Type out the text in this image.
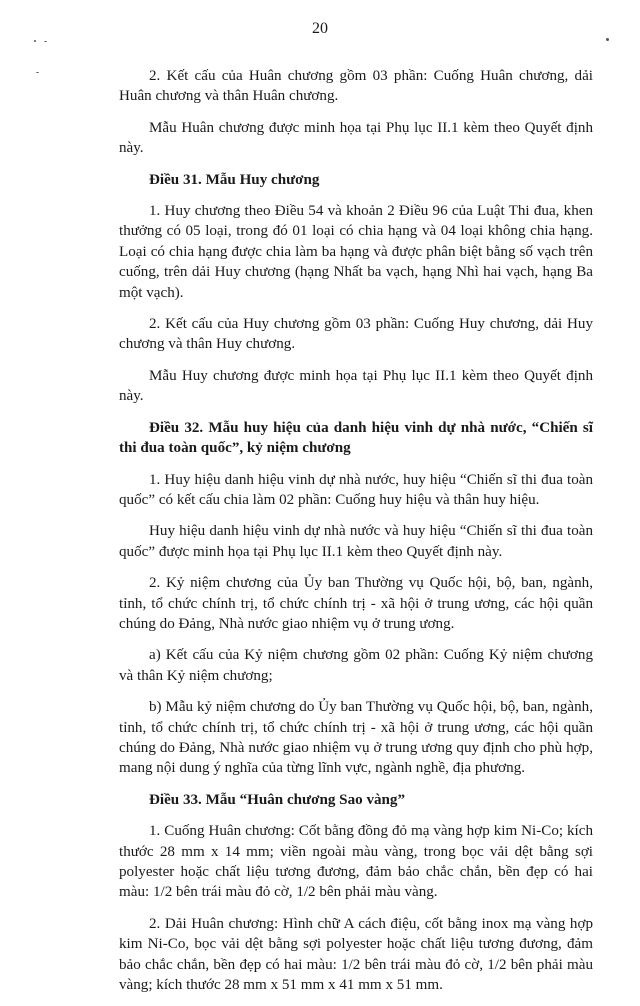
20

2. Kết cấu của Huân chương gồm 03 phần: Cuống Huân chương, dải Huân chương và thân Huân chương.

Mẫu Huân chương được minh họa tại Phụ lục II.1 kèm theo Quyết định này.

Điều 31. Mẫu Huy chương

1. Huy chương theo Điều 54 và khoản 2 Điều 96 của Luật Thi đua, khen thưởng có 05 loại, trong đó 01 loại có chia hạng và 04 loại không chia hạng. Loại có chia hạng được chia làm ba hạng và được phân biệt bằng số vạch trên cuống, trên dải Huy chương (hạng Nhất ba vạch, hạng Nhì hai vạch, hạng Ba một vạch).

2. Kết cấu của Huy chương gồm 03 phần: Cuống Huy chương, dải Huy chương và thân Huy chương.

Mẫu Huy chương được minh họa tại Phụ lục II.1 kèm theo Quyết định này.

Điều 32. Mẫu huy hiệu của danh hiệu vinh dự nhà nước, “Chiến sĩ thi đua toàn quốc”, kỷ niệm chương

1. Huy hiệu danh hiệu vinh dự nhà nước, huy hiệu “Chiến sĩ thi đua toàn quốc” có kết cấu chia làm 02 phần: Cuống huy hiệu và thân huy hiệu.

Huy hiệu danh hiệu vinh dự nhà nước và huy hiệu “Chiến sĩ thi đua toàn quốc” được minh họa tại Phụ lục II.1 kèm theo Quyết định này.

2. Kỷ niệm chương của Ủy ban Thường vụ Quốc hội, bộ, ban, ngành, tỉnh, tổ chức chính trị, tổ chức chính trị - xã hội ở trung ương, các hội quần chúng do Đảng, Nhà nước giao nhiệm vụ ở trung ương.

a) Kết cấu của Kỷ niệm chương gồm 02 phần: Cuống Kỷ niệm chương và thân Kỷ niệm chương;

b) Mẫu kỷ niệm chương do Ủy ban Thường vụ Quốc hội, bộ, ban, ngành, tỉnh, tổ chức chính trị, tổ chức chính trị - xã hội ở trung ương, các hội quần chúng do Đảng, Nhà nước giao nhiệm vụ ở trung ương quy định cho phù hợp, mang nội dung ý nghĩa của từng lĩnh vực, ngành nghề, địa phương.

Điều 33. Mẫu “Huân chương Sao vàng”

1. Cuống Huân chương: Cốt bằng đồng đỏ mạ vàng hợp kim Ni-Co; kích thước 28 mm x 14 mm; viền ngoài màu vàng, trong bọc vải dệt bằng sợi polyester hoặc chất liệu tương đương, đảm bảo chắc chắn, bền đẹp có hai màu: 1/2 bên trái màu đỏ cờ, 1/2 bên phải màu vàng.

2. Dải Huân chương: Hình chữ A cách điệu, cốt bằng inox mạ vàng hợp kim Ni-Co, bọc vải dệt bằng sợi polyester hoặc chất liệu tương đương, đảm bảo chắc chắn, bền đẹp có hai màu: 1/2 bên trái màu đỏ cờ, 1/2 bên phải màu vàng; kích thước 28 mm x 51 mm x 41 mm x 51 mm.
